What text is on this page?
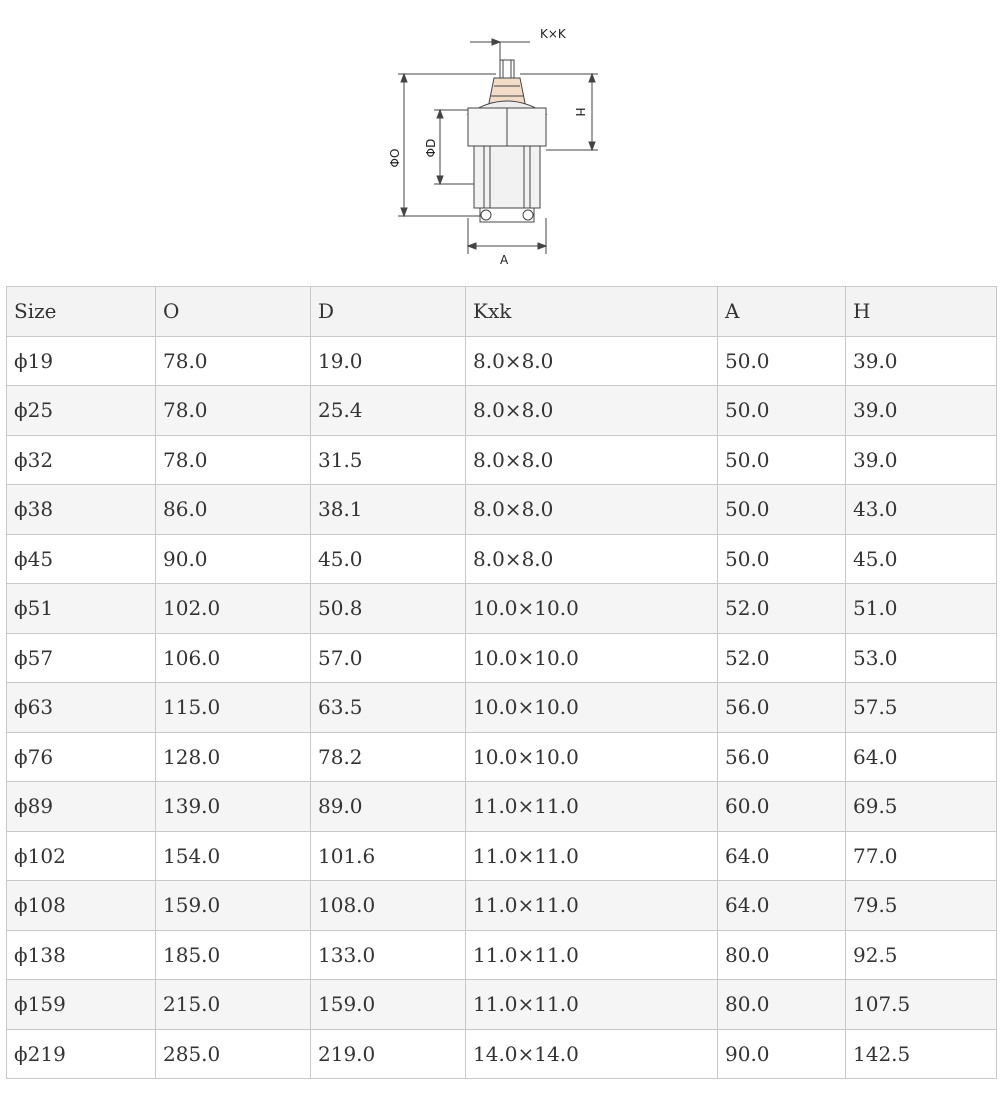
K×K
ΦO
ΦD
H
A
Size	O	D	Kxk	A	H
ϕ19	78.0	19.0	8.0×8.0	50.0	39.0
ϕ25	78.0	25.4	8.0×8.0	50.0	39.0
ϕ32	78.0	31.5	8.0×8.0	50.0	39.0
ϕ38	86.0	38.1	8.0×8.0	50.0	43.0
ϕ45	90.0	45.0	8.0×8.0	50.0	45.0
ϕ51	102.0	50.8	10.0×10.0	52.0	51.0
ϕ57	106.0	57.0	10.0×10.0	52.0	53.0
ϕ63	115.0	63.5	10.0×10.0	56.0	57.5
ϕ76	128.0	78.2	10.0×10.0	56.0	64.0
ϕ89	139.0	89.0	11.0×11.0	60.0	69.5
ϕ102	154.0	101.6	11.0×11.0	64.0	77.0
ϕ108	159.0	108.0	11.0×11.0	64.0	79.5
ϕ138	185.0	133.0	11.0×11.0	80.0	92.5
ϕ159	215.0	159.0	11.0×11.0	80.0	107.5
ϕ219	285.0	219.0	14.0×14.0	90.0	142.5
